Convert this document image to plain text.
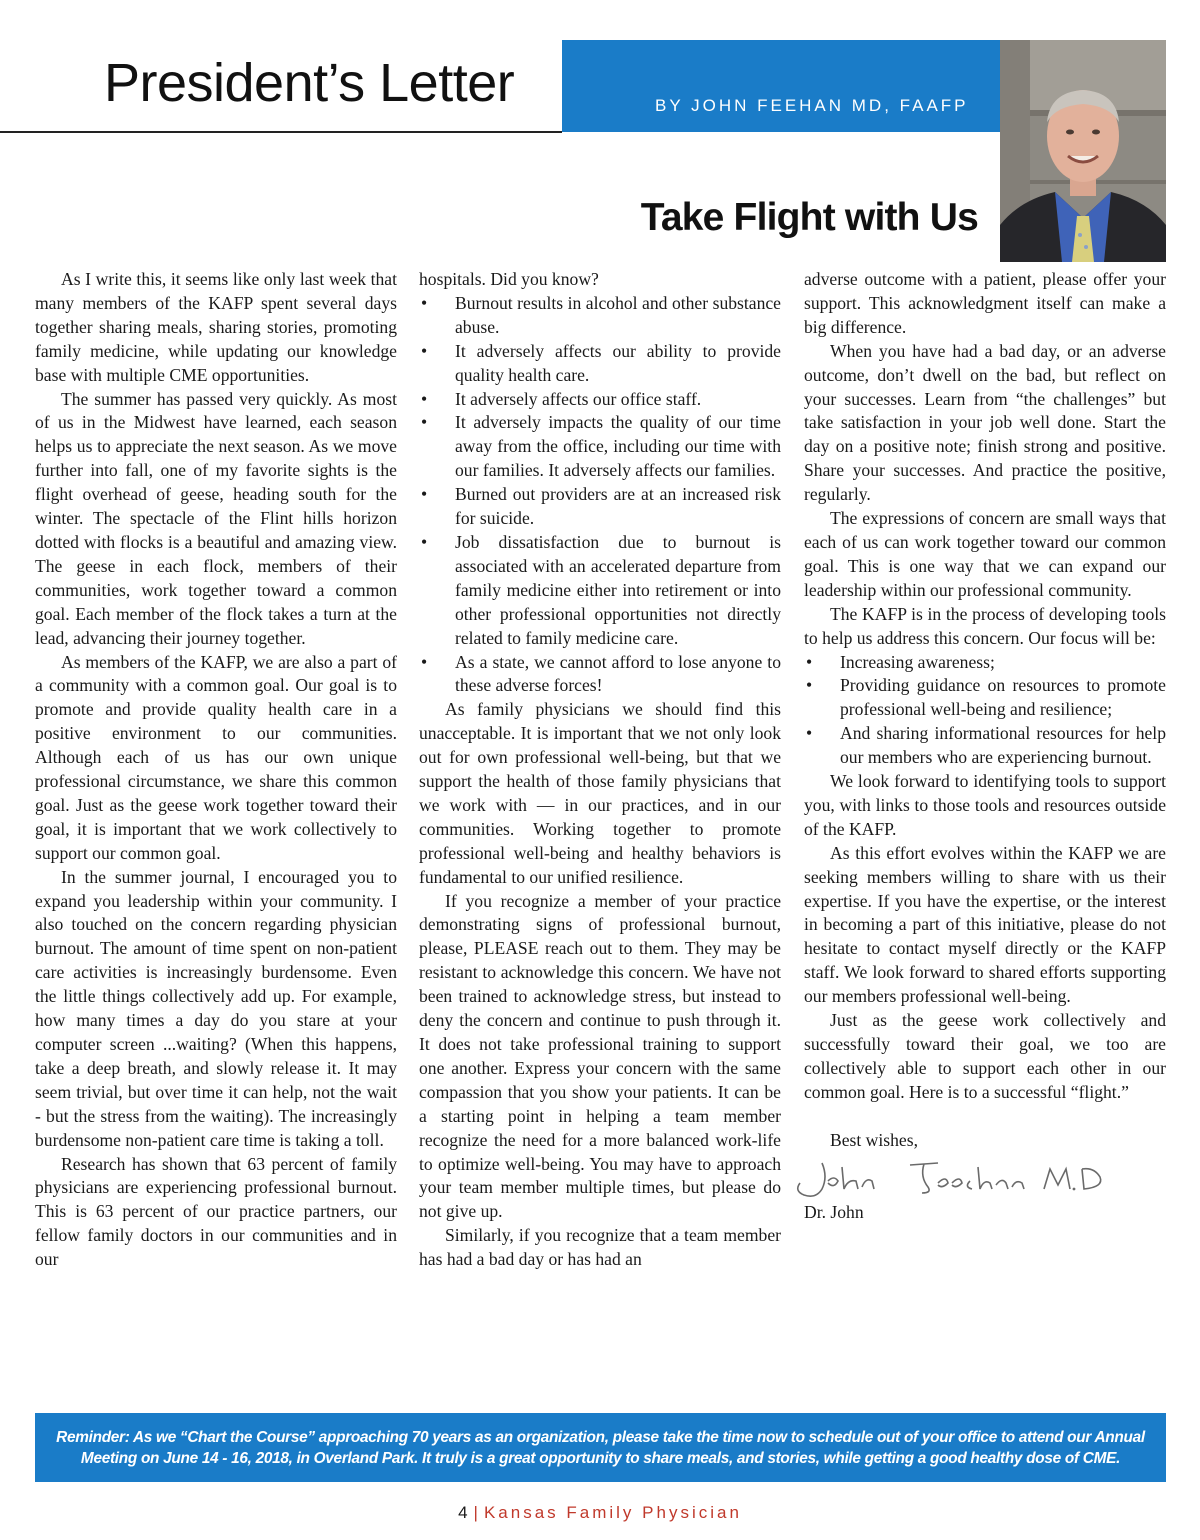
President’s Letter	BY JOHN FEEHAN MD, FAAFP
Take Flight with Us

As I write this, it seems like only last week that many members of the KAFP spent several days together sharing meals, sharing stories, promoting family medicine, while updating our knowledge base with multiple CME opportunities.

The summer has passed very quickly. As most of us in the Midwest have learned, each season helps us to appreciate the next season. As we move further into fall, one of my favorite sights is the flight overhead of geese, heading south for the winter. The spectacle of the Flint hills horizon dotted with flocks is a beautiful and amazing view. The geese in each flock, members of their communities, work together toward a common goal. Each member of the flock takes a turn at the lead, advancing their journey together.

As members of the KAFP, we are also a part of a community with a common goal. Our goal is to promote and provide quality health care in a positive environment to our communities. Although each of us has our own unique professional circumstance, we share this common goal. Just as the geese work together toward their goal, it is important that we work collectively to support our common goal.

In the summer journal, I encouraged you to expand you leadership within your community. I also touched on the concern regarding physician burnout. The amount of time spent on non-patient care activities is increasingly burdensome. Even the little things collectively add up. For example, how many times a day do you stare at your computer screen ...waiting? (When this happens, take a deep breath, and slowly release it. It may seem trivial, but over time it can help, not the wait - but the stress from the waiting). The increasingly burdensome non-patient care time is taking a toll.

Research has shown that 63 percent of family physicians are experiencing professional burnout. This is 63 percent of our practice partners, our fellow family doctors in our communities and in our

hospitals. Did you know?

• Burnout results in alcohol and other substance abuse.
• It adversely affects our ability to provide quality health care.
• It adversely affects our office staff.
• It adversely impacts the quality of our time away from the office, including our time with our families. It adversely affects our families.
• Burned out providers are at an increased risk for suicide.
• Job dissatisfaction due to burnout is associated with an accelerated departure from family medicine either into retirement or into other professional opportunities not directly related to family medicine care.
• As a state, we cannot afford to lose anyone to these adverse forces!

As family physicians we should find this unacceptable. It is important that we not only look out for own professional well-being, but that we support the health of those family physicians that we work with — in our practices, and in our communities. Working together to promote professional well-being and healthy behaviors is fundamental to our unified resilience.

If you recognize a member of your practice demonstrating signs of professional burnout, please, PLEASE reach out to them. They may be resistant to acknowledge this concern. We have not been trained to acknowledge stress, but instead to deny the concern and continue to push through it. It does not take professional training to support one another. Express your concern with the same compassion that you show your patients. It can be a starting point in helping a team member recognize the need for a more balanced work-life to optimize well-being. You may have to approach your team member multiple times, but please do not give up.

Similarly, if you recognize that a team member has had a bad day or has had an

adverse outcome with a patient, please offer your support. This acknowledgment itself can make a big difference.

When you have had a bad day, or an adverse outcome, don’t dwell on the bad, but reflect on your successes. Learn from “the challenges” but take satisfaction in your job well done. Start the day on a positive note; finish strong and positive. Share your successes. And practice the positive, regularly.

The expressions of concern are small ways that each of us can work together toward our common goal. This is one way that we can expand our leadership within our professional community.

The KAFP is in the process of developing tools to help us address this concern. Our focus will be:

• Increasing awareness;
• Providing guidance on resources to promote professional well-being and resilience;
• And sharing informational resources for help our members who are experiencing burnout.

We look forward to identifying tools to support you, with links to those tools and resources outside of the KAFP.

As this effort evolves within the KAFP we are seeking members willing to share with us their expertise. If you have the expertise, or the interest in becoming a part of this initiative, please do not hesitate to contact myself directly or the KAFP staff. We look forward to shared efforts supporting our members professional well-being.

Just as the geese work collectively and successfully toward their goal, we too are collectively able to support each other in our common goal. Here is to a successful “flight.”

Best wishes,

Dr. John

Reminder: As we “Chart the Course” approaching 70 years as an organization, please take the time now to schedule out of your office to attend our Annual
Meeting on June 14 - 16, 2018, in Overland Park. It truly is a great opportunity to share meals, and stories, while getting a good healthy dose of CME.
4 | Kansas Family Physician
